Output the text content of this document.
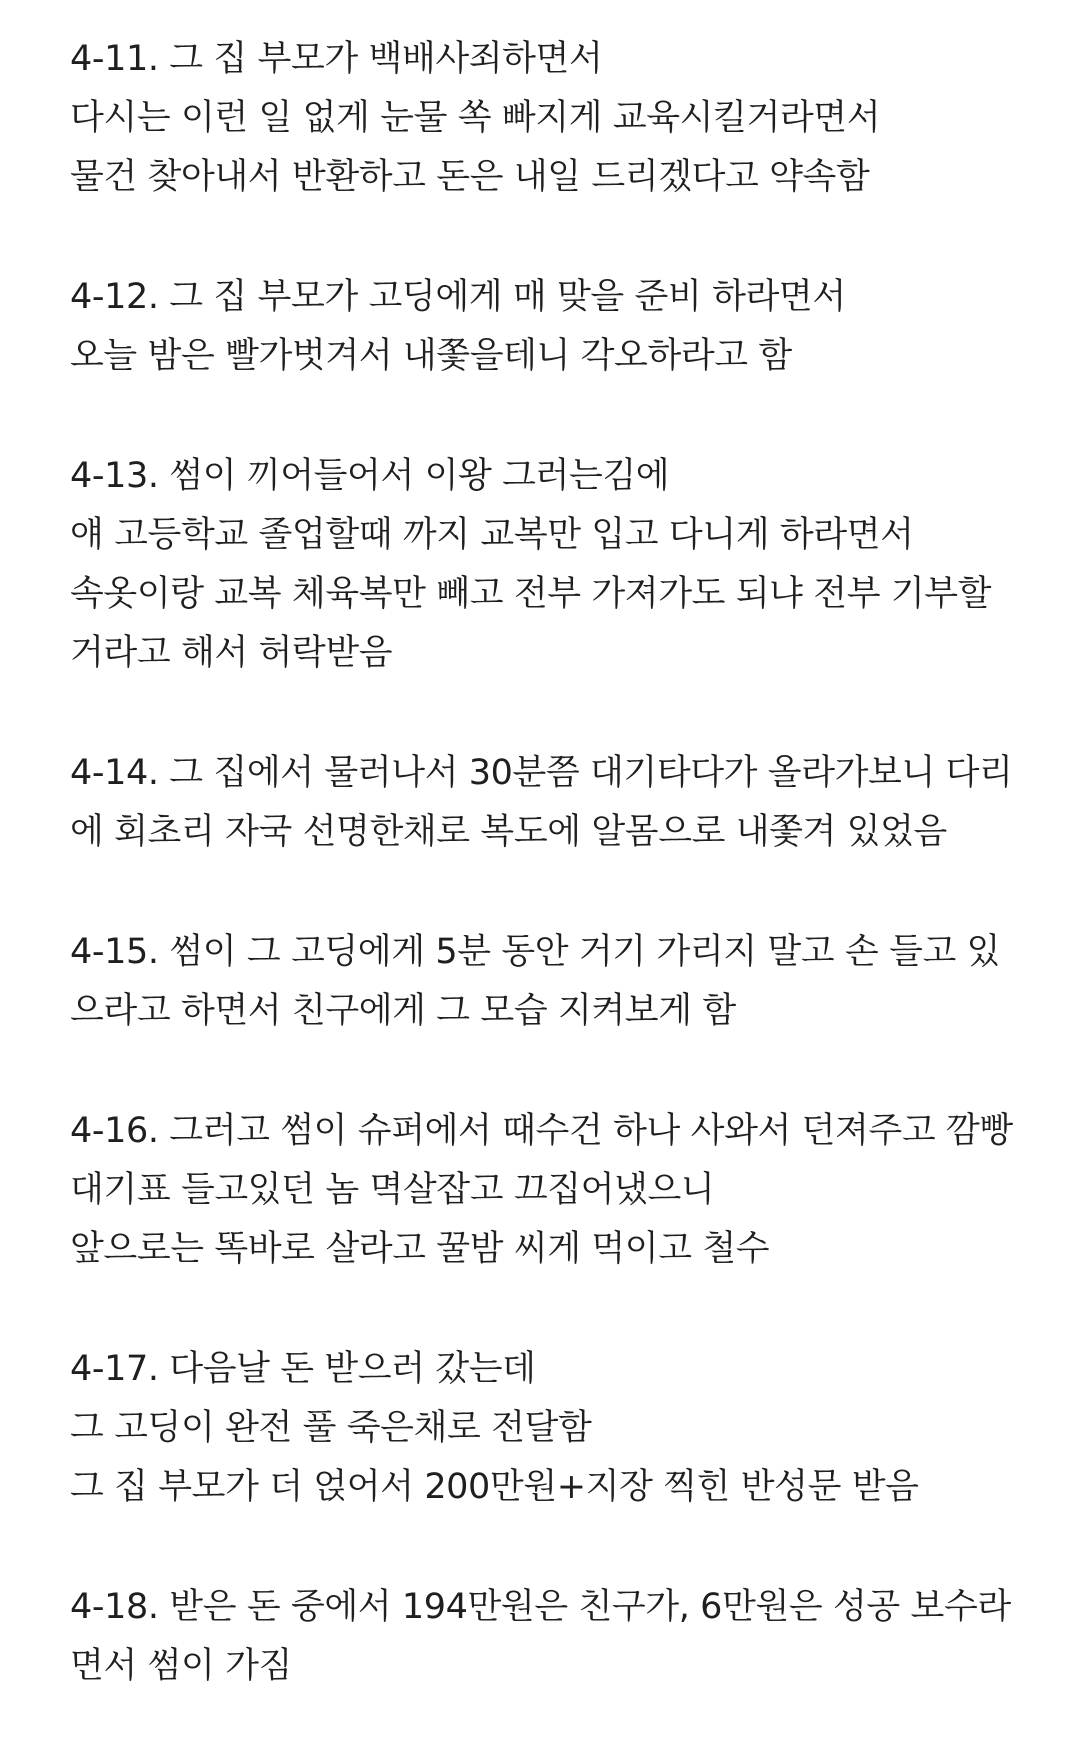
4-11. 그 집 부모가 백배사죄하면서
다시는 이런 일 없게 눈물 쏙 빠지게 교육시킬거라면서
물건 찾아내서 반환하고 돈은 내일 드리겠다고 약속함
4-12. 그 집 부모가 고딩에게 매 맞을 준비 하라면서
오늘 밤은 빨가벗겨서 내쫓을테니 각오하라고 함
4-13. 썸이 끼어들어서 이왕 그러는김에
얘 고등학교 졸업할때 까지 교복만 입고 다니게 하라면서
속옷이랑 교복 체육복만 빼고 전부 가져가도 되냐 전부 기부할
거라고 해서 허락받음
4-14. 그 집에서 물러나서 30분쯤 대기타다가 올라가보니 다리
에 회초리 자국 선명한채로 복도에 알몸으로 내쫓겨 있었음
4-15. 썸이 그 고딩에게 5분 동안 거기 가리지 말고 손 들고 있
으라고 하면서 친구에게 그 모습 지켜보게 함
4-16. 그러고 썸이 슈퍼에서 때수건 하나 사와서 던져주고 깜빵
대기표 들고있던 놈 멱살잡고 끄집어냈으니
앞으로는 똑바로 살라고 꿀밤 씨게 먹이고 철수
4-17. 다음날 돈 받으러 갔는데
그 고딩이 완전 풀 죽은채로 전달함
그 집 부모가 더 얹어서 200만원+지장 찍힌 반성문 받음
4-18. 받은 돈 중에서 194만원은 친구가, 6만원은 성공 보수라
면서 썸이 가짐
